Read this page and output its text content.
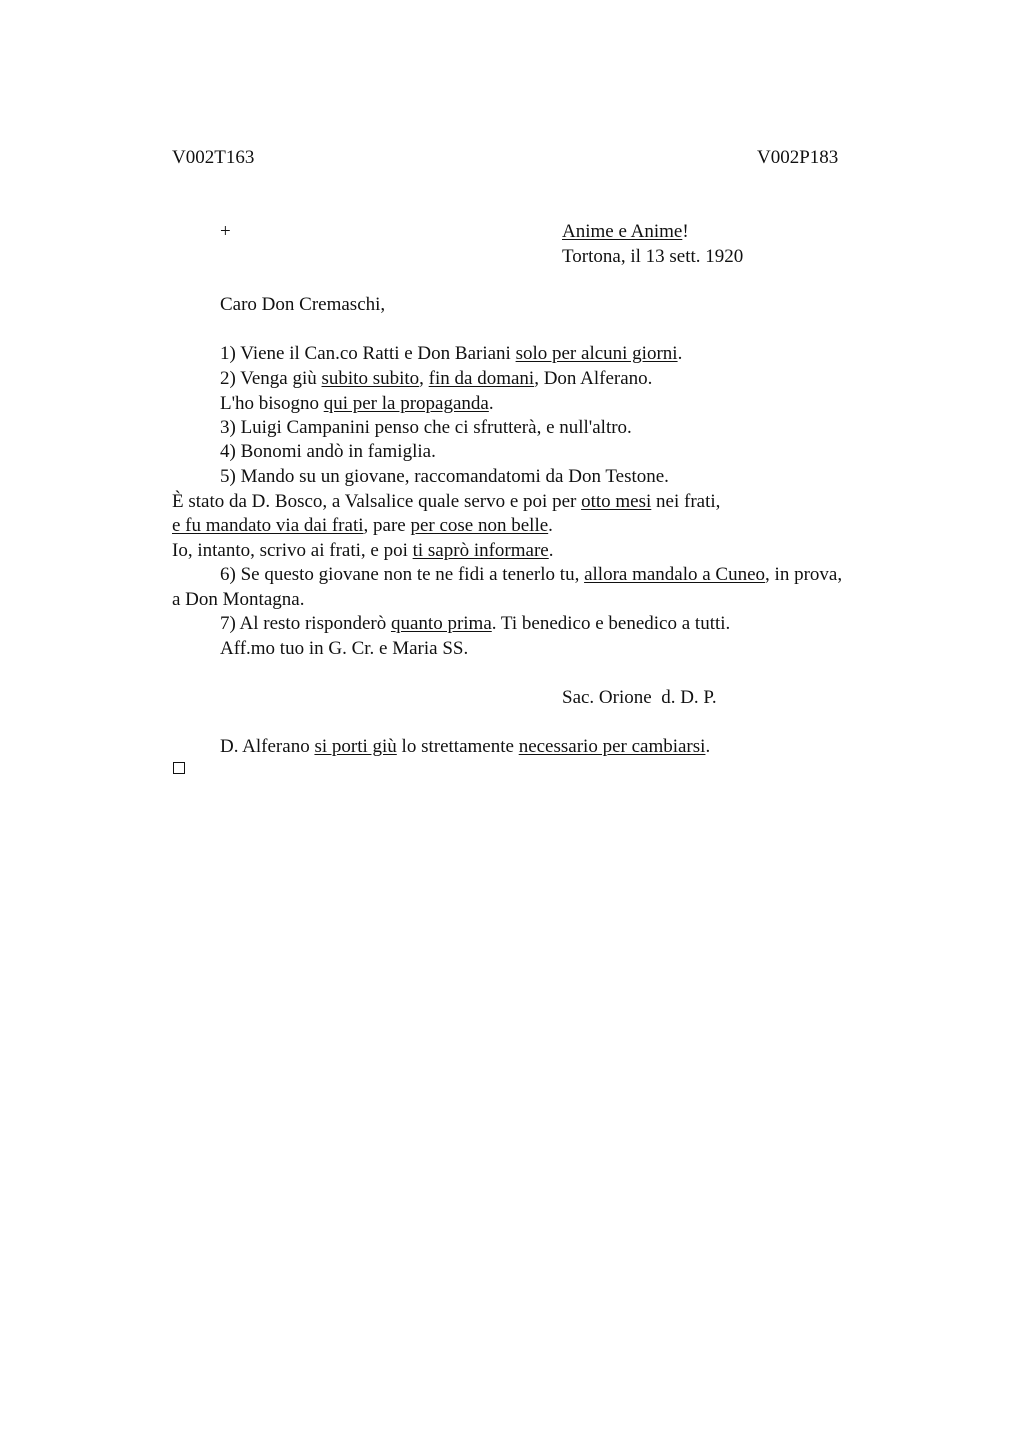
V002T163	V002P183
+	Anime e Anime!
Tortona, il 13 sett. 1920
Caro Don Cremaschi,
1) Viene il Can.co Ratti e Don Bariani solo per alcuni giorni.
2) Venga giù subito subito, fin da domani, Don Alferano.
L'ho bisogno qui per la propaganda.
3) Luigi Campanini penso che ci sfrutterà, e null'altro.
4) Bonomi andò in famiglia.
5) Mando su un giovane, raccomandatomi da Don Testone.
È stato da D. Bosco, a Valsalice quale servo e poi per otto mesi nei frati,
e fu mandato via dai frati, pare per cose non belle.
Io, intanto, scrivo ai frati, e poi ti saprò informare.
6) Se questo giovane non te ne fidi a tenerlo tu, allora mandalo a Cuneo, in prova,
a Don Montagna.
7) Al resto risponderò quanto prima. Ti benedico e benedico a tutti.
Aff.mo tuo in G. Cr. e Maria SS.
Sac. Orione  d. D. P.
D. Alferano si porti giù lo strettamente necessario per cambiarsi.
